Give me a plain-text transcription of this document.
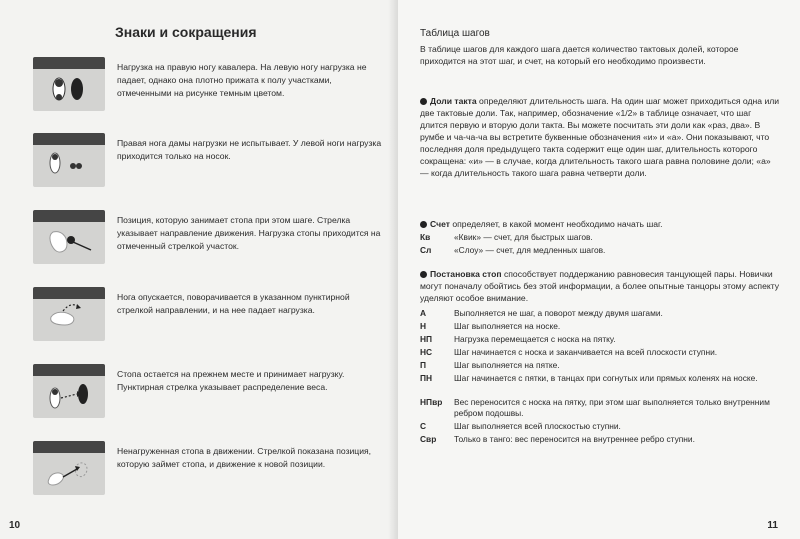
Знаки и сокращения

Нагрузка на правую ногу кавалера. На левую ногу нагрузка не падает, однако она плотно прижата к полу участками, отмеченными на рисунке темным цветом.

Правая нога дамы нагрузки не испытывает. У левой ноги нагрузка приходится только на носок.

Позиция, которую занимает стопа при этом шаге. Стрелка указывает направление движения. Нагрузка стопы приходится на отмеченный стрелкой участок.

Нога опускается, поворачивается в указанном пунктирной стрелкой направлении, и на нее падает нагрузка.

Стопа остается на прежнем месте и принимает нагрузку. Пунктирная стрелка указывает распределение веса.

Ненагруженная стопа в движении. Стрелкой показана позиция, которую займет стопа, и движение к новой позиции.

10
Таблица шагов

В таблице шагов для каждого шага дается количество тактовых долей, которое приходится на этот шаг, и счет, на который его необходимо произвести.

Доли такта определяют длительность шага. На один шаг может приходиться одна или две тактовые доли. Так, например, обозначение «1/2» в таблице означает, что шаг длится первую и вторую доли такта. Вы можете посчитать эти доли как «раз, два». В румбе и ча-ча-ча вы встретите буквенные обозначения «и» и «а». Они показывают, что последняя доля предыдущего такта содержит еще один шаг, длительность которого сокращена: «и» — в случае, когда длительность такого шага равна половине доли; «а» — когда длительность такого шага равна четверти доли.

Счет определяет, в какой момент необходимо начать шаг.

Кв	«Квик» — счет, для быстрых шагов.
Сл	«Слоу» — счет, для медленных шагов.

Постановка стоп способствует поддержанию равновесия танцующей пары. Новички могут поначалу обойтись без этой информации, а более опытные танцоры этому аспекту уделяют особое внимание.

А	Выполняется не шаг, а поворот между двумя шагами.
Н	Шаг выполняется на носке.
НП	Нагрузка перемещается с носка на пятку.
НС	Шаг начинается с носка и заканчивается на всей плоскости ступни.
П	Шаг выполняется на пятке.
ПН	Шаг начинается с пятки, в танцах при согнутых или прямых коленях на носке.
НПвр	Вес переносится с носка на пятку, при этом шаг выполняется только внутренним ребром подошвы.
С	Шаг выполняется всей плоскостью ступни.
Свр	Только в танго: вес переносится на внутреннее ребро ступни.
11
